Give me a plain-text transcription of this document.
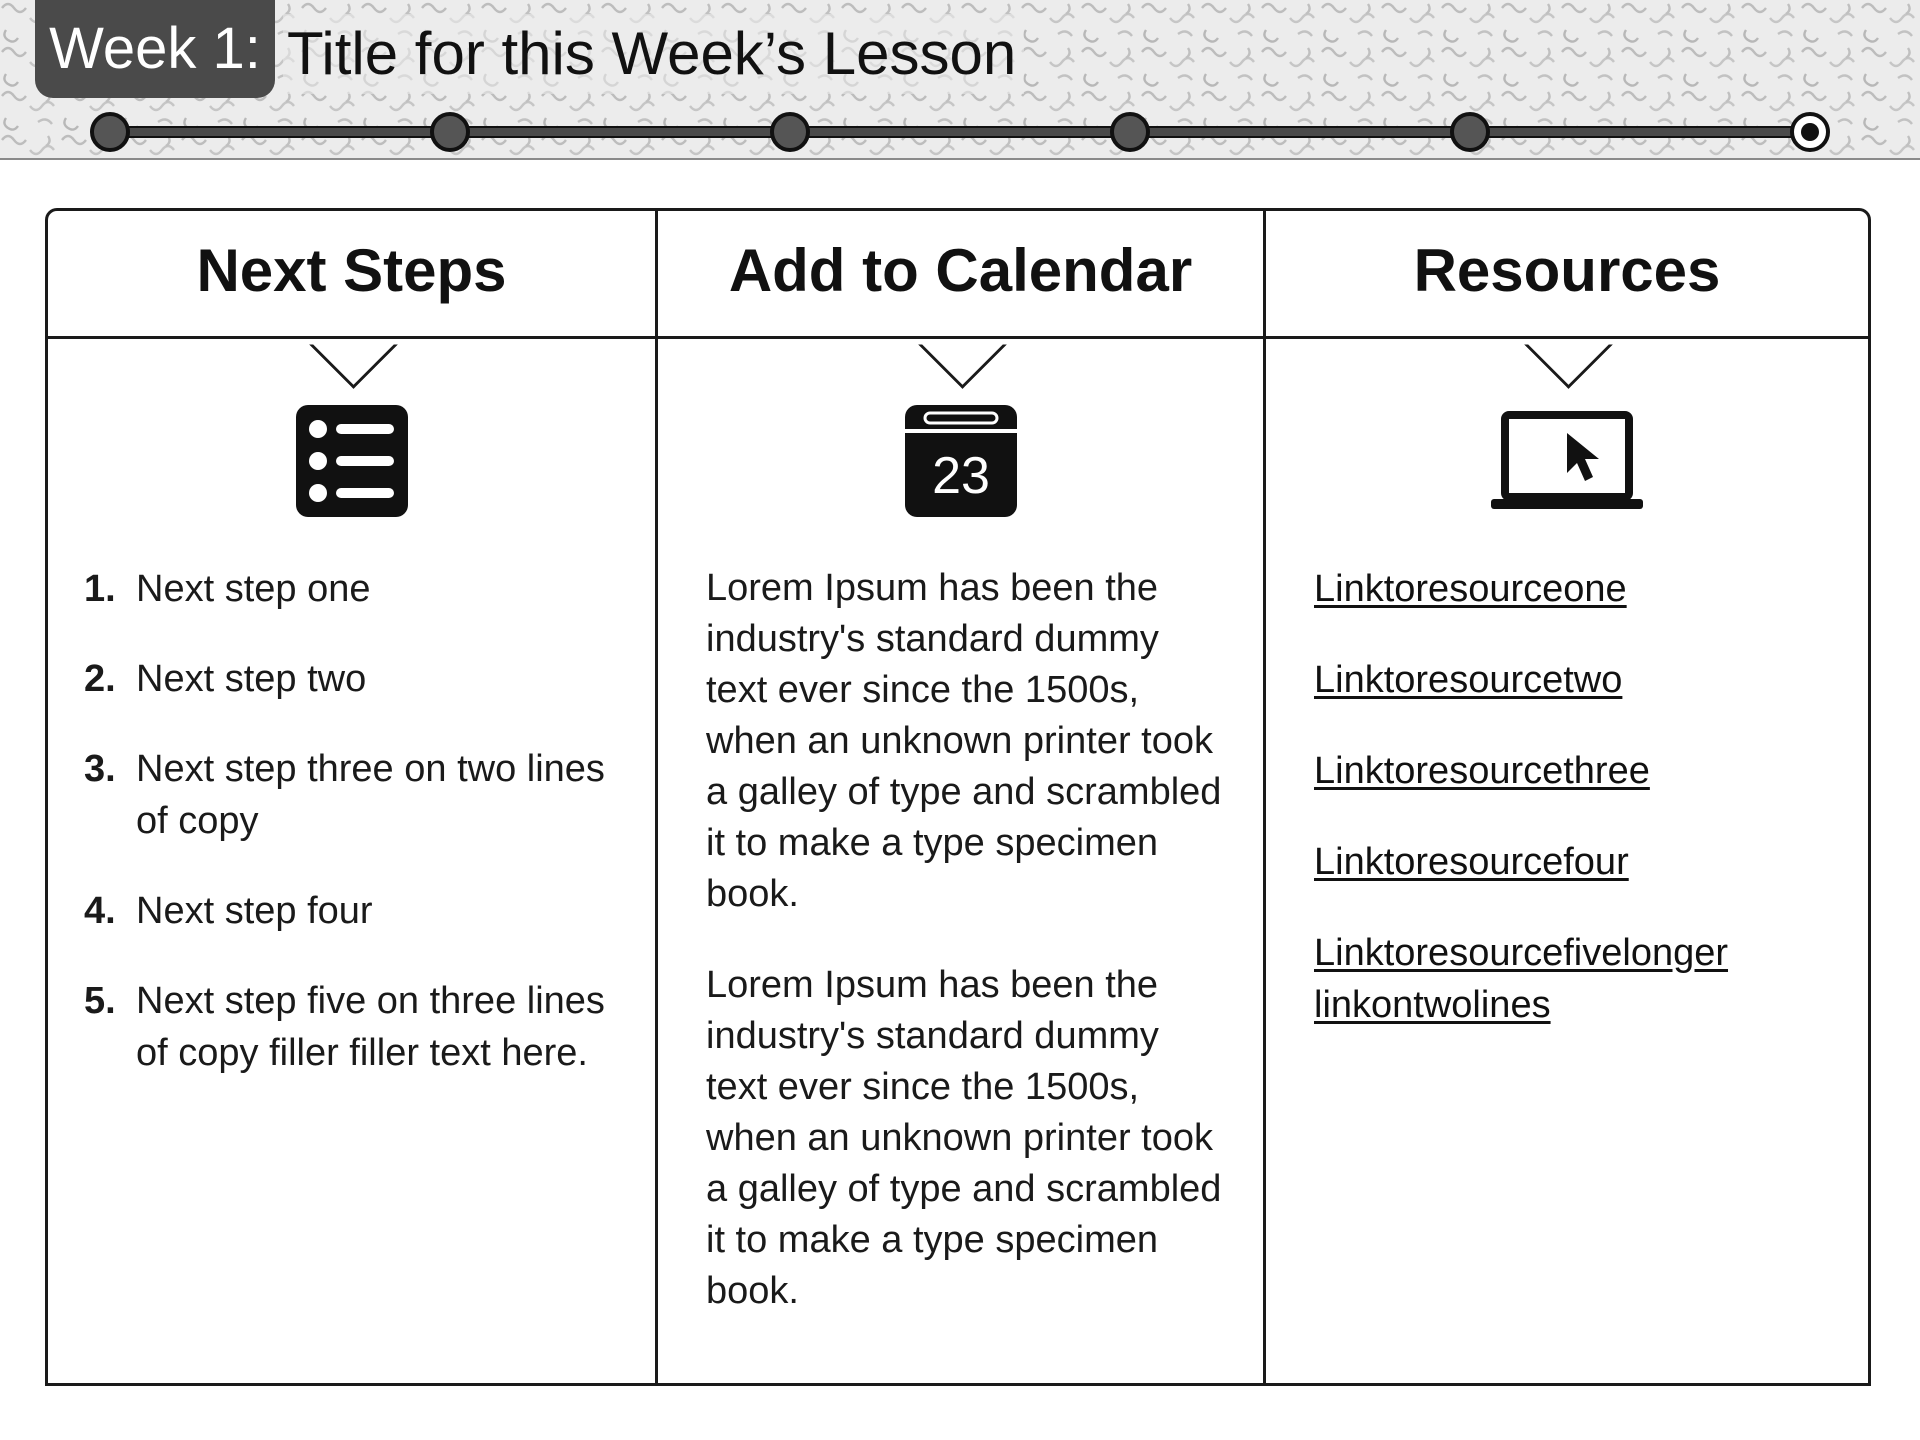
Week 1: Title for this Week’s Lesson
Next Steps
1. Next step one
2. Next step two
3. Next step three on two lines of copy
4. Next step four
5. Next step five on three lines of copy filler filler text here.
Add to Calendar
23

Lorem Ipsum has been the industry's standard dummy text ever since the 1500s, when an unknown printer took a galley of type and scrambled it to make a type specimen book.

Lorem Ipsum has been the industry's standard dummy text ever since the 1500s, when an unknown printer took a galley of type and scrambled it to make a type specimen book.

Resources
Linktoresourceone
Linktoresourcetwo
Linktoresourcethree
Linktoresourcefour
Linktoresourcefivelonger linkontwolines
